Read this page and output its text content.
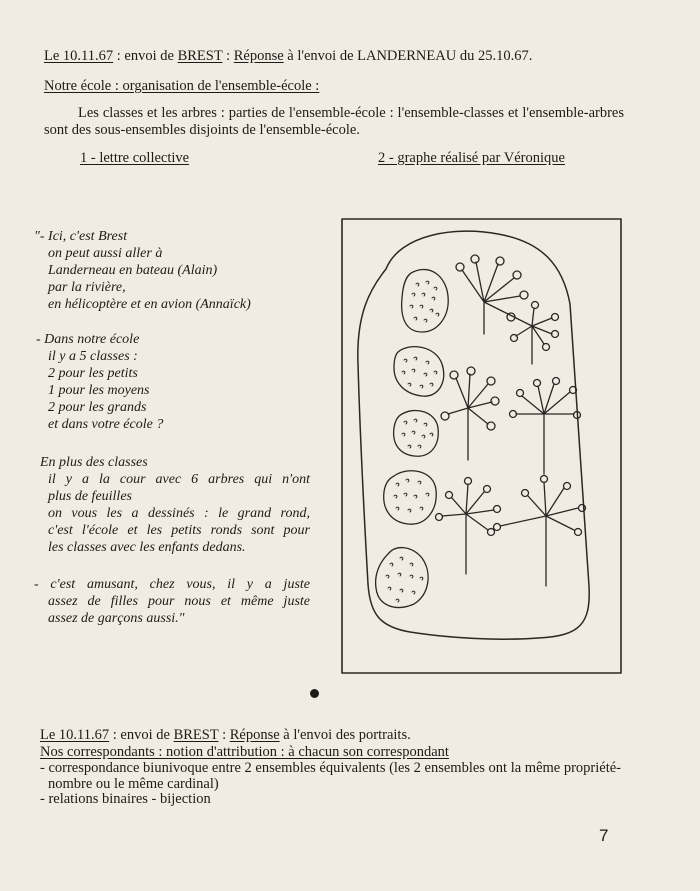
Le 10.11.67 : envoi de BREST : Réponse à l'envoi de LANDERNEAU du 25.10.67.
Notre école : organisation de l'ensemble-école :
Les classes et les arbres : parties de l'ensemble-école : l'ensemble-classes et l'ensemble-arbres sont des sous-ensembles disjoints de l'ensemble-école.
1 - lettre collective	2 - graphe réalisé par Véronique
"- Ici, c'est Brest
on peut aussi aller à
Landerneau en bateau (Alain)
par la rivière,
en hélicoptère et en avion (Annaïck)
- Dans notre école
il y a 5 classes :
2 pour les petits
1 pour les moyens
2 pour les grands
et dans votre école ?
En plus des classes
il y a la cour avec 6 arbres qui n'ont
plus de feuilles
on vous les a dessinés : le grand rond,
c'est l'école et les petits ronds sont pour
les classes avec les enfants dedans.
- c'est amusant, chez vous, il y a juste
assez de filles pour nous et même juste
assez de garçons aussi."
Le 10.11.67 : envoi de BREST : Réponse à l'envoi des portraits.
Nos correspondants : notion d'attribution : à chacun son correspondant
- correspondance biunivoque entre 2 ensembles équivalents (les 2 ensembles ont la même propriété-nombre ou le même cardinal)
- relations binaires - bijection
7
